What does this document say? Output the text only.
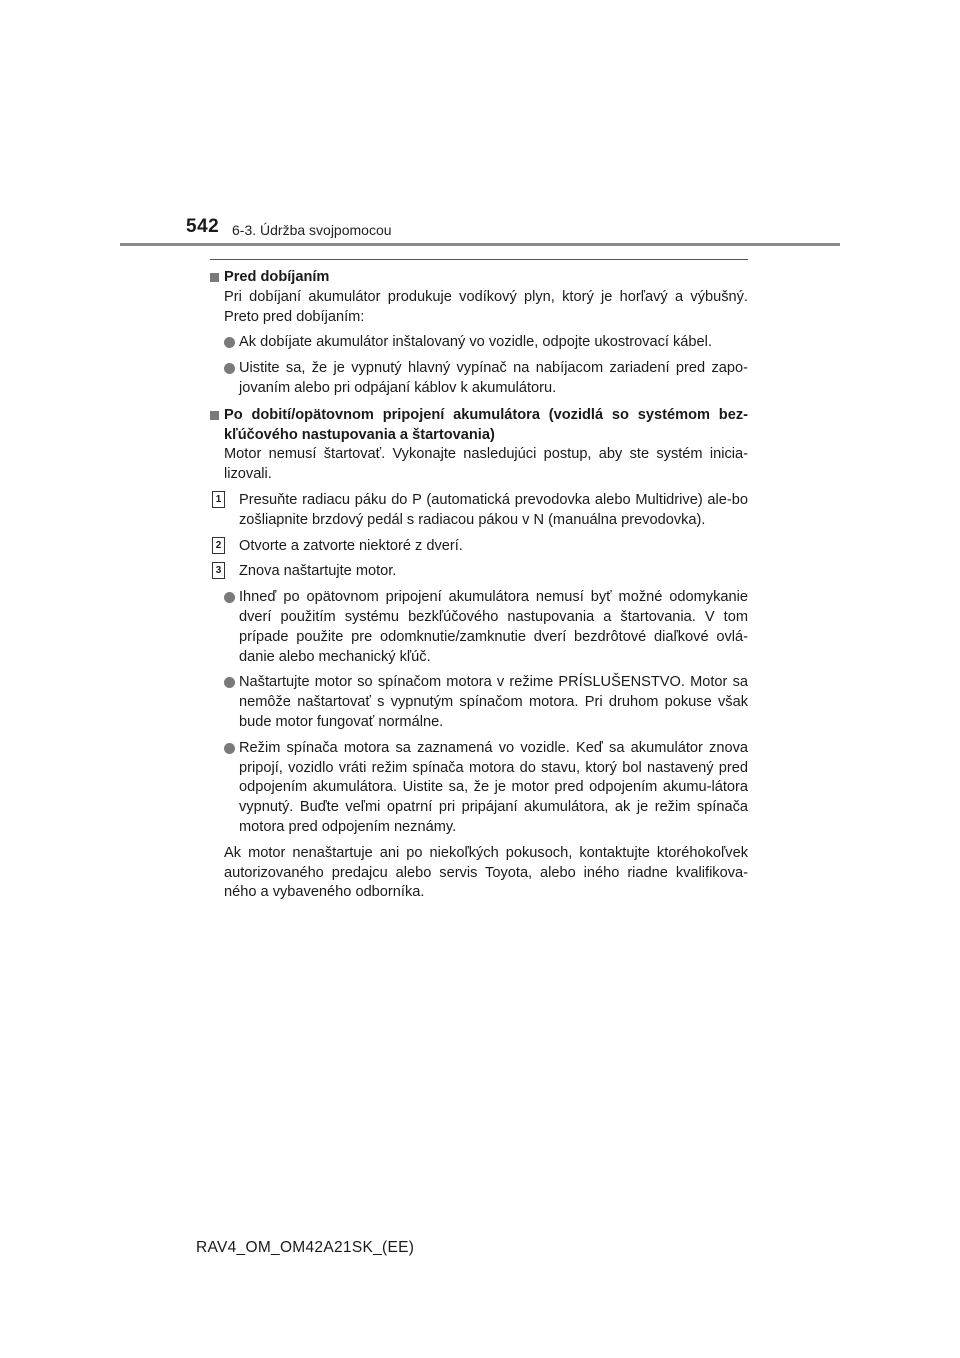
542 6-3. Údržba svojpomocou
Pred dobíjaním
Pri dobíjaní akumulátor produkuje vodíkový plyn, ktorý je horľavý a výbušný. Preto pred dobíjaním:
Ak dobíjate akumulátor inštalovaný vo vozidle, odpojte ukostrovací kábel.
Uistite sa, že je vypnutý hlavný vypínač na nabíjacom zariadení pred zapo-jovaním alebo pri odpájaní káblov k akumulátoru.
Po dobití/opätovnom pripojení akumulátora (vozidlá so systémom bez-kľúčového nastupovania a štartovania)
Motor nemusí štartovať. Vykonajte nasledujúci postup, aby ste systém inicia-lizovali.
1 Presuňte radiacu páku do P (automatická prevodovka alebo Multidrive) ale-bo zošliapnite brzdový pedál s radiacou pákou v N (manuálna prevodovka).
2 Otvorte a zatvorte niektoré z dverí.
3 Znova naštartujte motor.
Ihneď po opätovnom pripojení akumulátora nemusí byť možné odomykanie dverí použitím systému bezkľúčového nastupovania a štartovania. V tom prípade použite pre odomknutie/zamknutie dverí bezdrôtové diaľkové ovlá-danie alebo mechanický kľúč.
Naštartujte motor so spínačom motora v režime PRÍSLUŠENSTVO. Motor sa nemôže naštartovať s vypnutým spínačom motora. Pri druhom pokuse však bude motor fungovať normálne.
Režim spínača motora sa zaznamená vo vozidle. Keď sa akumulátor znova pripojí, vozidlo vráti režim spínača motora do stavu, ktorý bol nastavený pred odpojením akumulátora. Uistite sa, že je motor pred odpojením akumu-látora vypnutý. Buďte veľmi opatrní pri pripájaní akumulátora, ak je režim spínača motora pred odpojením neznámy.
Ak motor nenaštartuje ani po niekoľkých pokusoch, kontaktujte ktoréhokoľvek autorizovaného predajcu alebo servis Toyota, alebo iného riadne kvalifikova-ného a vybaveného odborníka.
RAV4_OM_OM42A21SK_(EE)
